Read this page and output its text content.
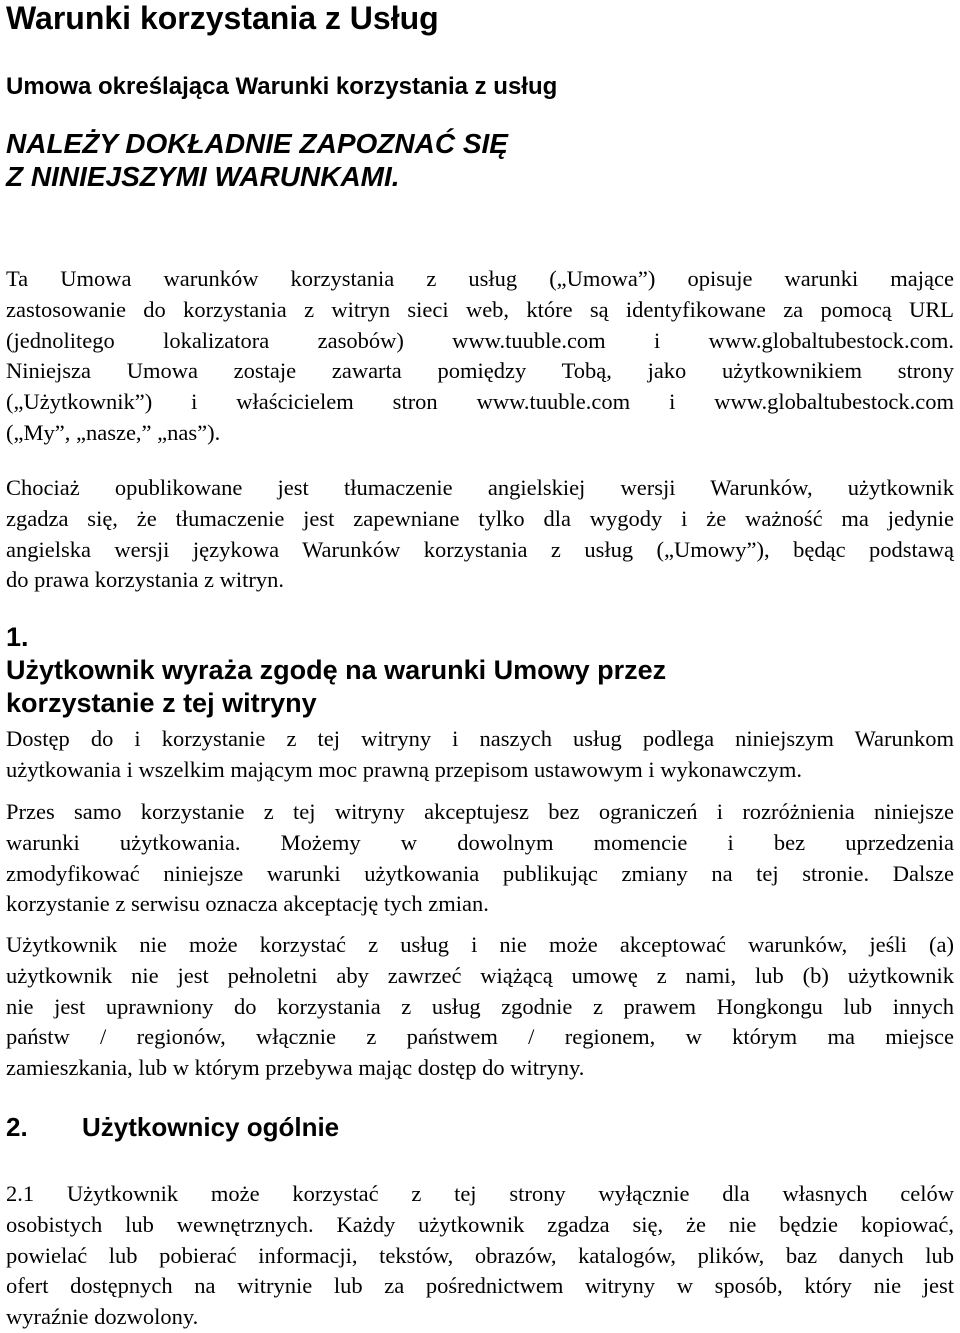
Warunki korzystania z Usług
Umowa określająca Warunki korzystania z usług
NALEŻY DOKŁADNIE ZAPOZNAĆ SIĘ
Z NINIEJSZYMI WARUNKAMI.

Ta Umowa warunków korzystania z usług („Umowa”) opisuje warunki mające
zastosowanie do korzystania z witryn sieci web, które są identyfikowane za pomocą URL
(jednolitego lokalizatora zasobów) www.tuuble.com i www.globaltubestock.com.
Niniejsza Umowa zostaje zawarta pomiędzy Tobą, jako użytkownikiem strony
(„Użytkownik”) i właścicielem stron www.tuuble.com i www.globaltubestock.com
(„My”, „nasze,” „nas”).

Chociaż opublikowane jest tłumaczenie angielskiej wersji Warunków, użytkownik
zgadza się, że tłumaczenie jest zapewniane tylko dla wygody i że ważność ma jedynie
angielska wersji językowa Warunków korzystania z usług („Umowy”), będąc podstawą
do prawa korzystania z witryn.

1.
Użytkownik wyraża zgodę na warunki Umowy przez
korzystanie z tej witryny

Dostęp do i korzystanie z tej witryny i naszych usług podlega niniejszym Warunkom
użytkowania i wszelkim mającym moc prawną przepisom ustawowym i wykonawczym.

Przes samo korzystanie z tej witryny akceptujesz bez ograniczeń i rozróżnienia niniejsze
warunki użytkowania. Możemy w dowolnym momencie i bez uprzedzenia
zmodyfikować niniejsze warunki użytkowania publikując zmiany na tej stronie. Dalsze
korzystanie z serwisu oznacza akceptację tych zmian.

Użytkownik nie może korzystać z usług i nie może akceptować warunków, jeśli (a)
użytkownik nie jest pełnoletni aby zawrzeć wiążącą umowę z nami, lub (b) użytkownik
nie jest uprawniony do korzystania z usług zgodnie z prawem Hongkongu lub innych
państw / regionów, włącznie z państwem / regionem, w którym ma miejsce
zamieszkania, lub w którym przebywa mając dostęp do witryny.

2. Użytkownicy ogólnie

2.1 Użytkownik może korzystać z tej strony wyłącznie dla własnych celów
osobistych lub wewnętrznych. Każdy użytkownik zgadza się, że nie będzie kopiować,
powielać lub pobierać informacji, tekstów, obrazów, katalogów, plików, baz danych lub
ofert dostępnych na witrynie lub za pośrednictwem witryny w sposób, który nie jest
wyraźnie dozwolony.
